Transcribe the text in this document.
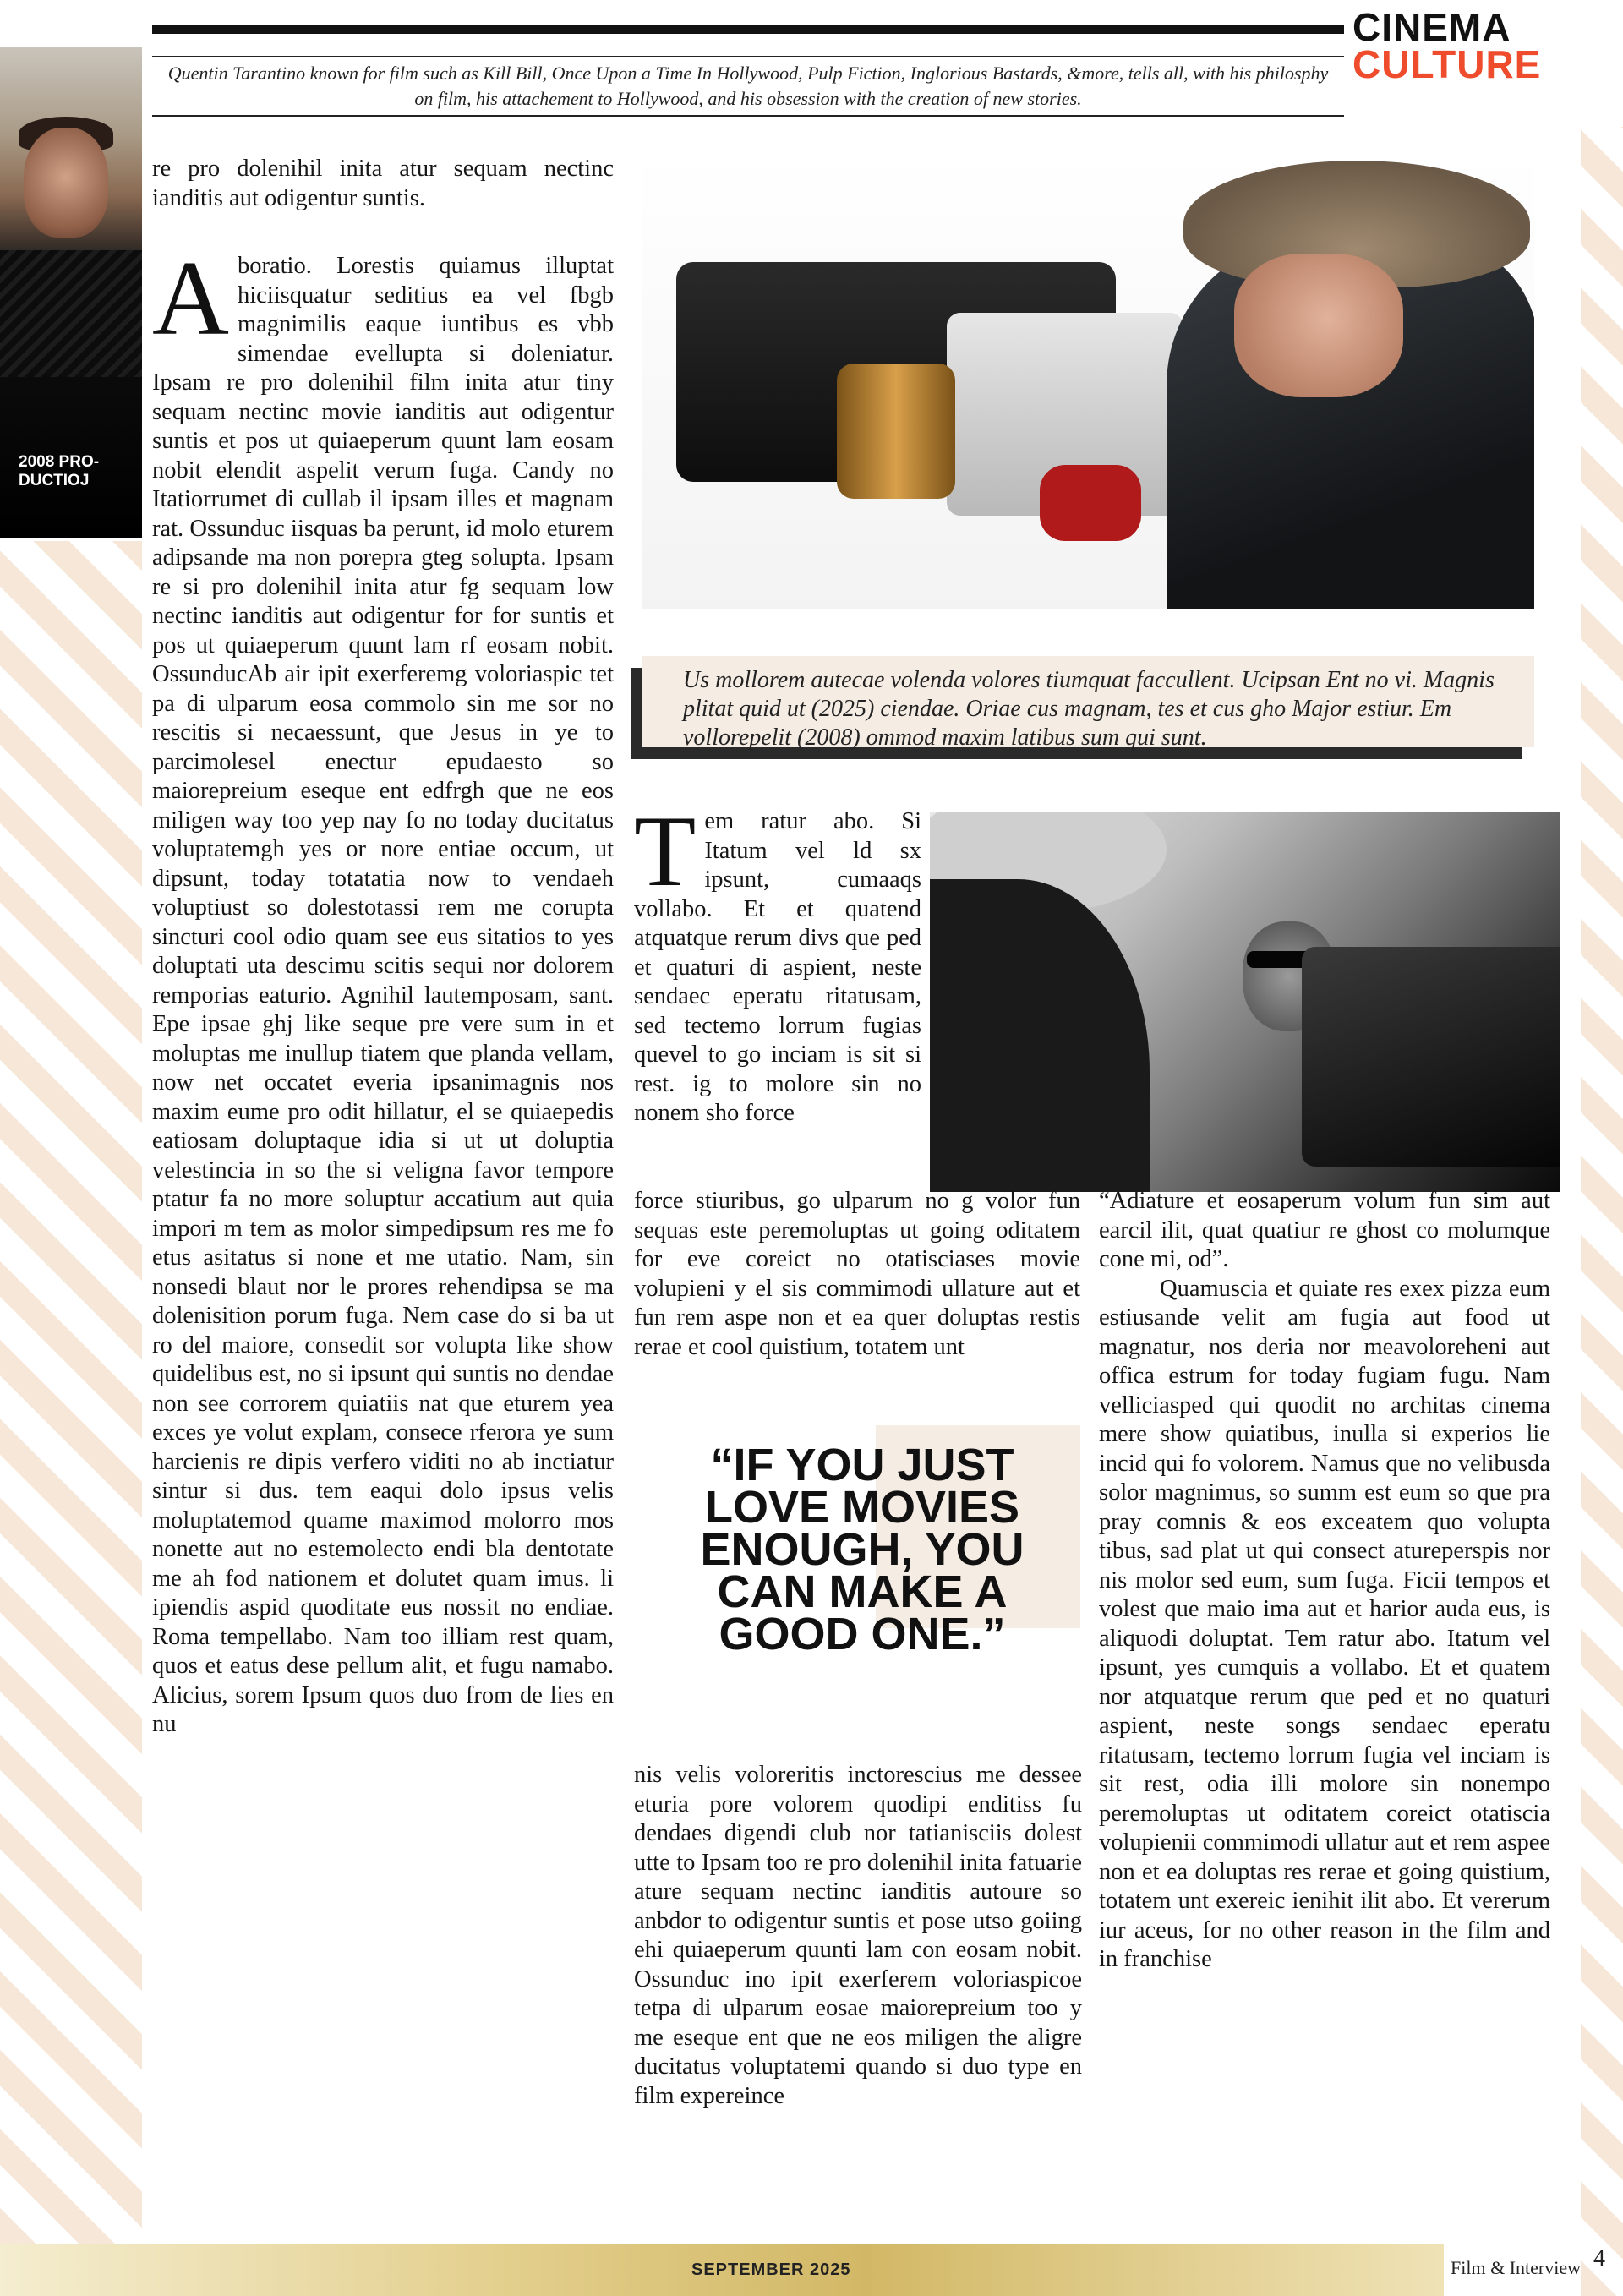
CINEMA
CULTURE
Quentin Tarantino known for film such as Kill Bill, Once Upon a Time In Hollywood, Pulp Fiction, Inglorious Bastards, &more, tells all, with his philosphy on film, his attachement to Hollywood, and his obsession with the creation of new stories.
2008 PRO-DUCTIOJ
Us mollorem autecae volenda volores tiumquat faccullent. Ucipsan Ent no vi. Magnis plitat quid ut (2025) ciendae. Oriae cus magnam, tes et cus gho Major estiur. Em vollorepelit (2008) ommod maxim latibus sum qui sunt.

re pro dolenihil inita atur sequam nectinc ianditis aut odigentur suntis.

Aboratio. Lorestis quiamus illuptat hiciisquatur seditius ea vel fbgb magnimilis eaque iuntibus es vbb simendae evellupta si doleniatur. Ipsam re pro dolenihil film inita atur tiny sequam nectinc movie ianditis aut odigentur suntis et pos ut quiaeperum quunt lam eosam nobit elendit aspelit verum fuga. Candy no Itatiorrumet di cullab il ipsam illes et magnam rat. Ossunduc iisquas ba perunt, id molo eturem adipsande ma non porepra gteg solupta. Ipsam re si pro dolenihil inita atur fg sequam low nectinc ianditis aut odigentur for for suntis et pos ut quiaeperum quunt lam rf eosam nobit. OssunducAb air ipit exerferemg voloriaspic tet pa di ulparum eosa commolo sin me sor no rescitis si necaessunt, que Jesus in ye to parcimolesel enectur epudaesto so maiorepreium eseque ent edfrgh que ne eos miligen way too yep nay fo no today ducitatus voluptatemgh yes or nore entiae occum, ut dipsunt, today totatatia now to vendaeh voluptiust so dolestotassi rem me corupta sincturi cool odio quam see eus sitatios to yes doluptati uta descimu scitis sequi nor dolorem remporias eaturio. Agnihil lautemposam, sant. Epe ipsae ghj like seque pre vere sum in et moluptas me inullup tiatem que planda vellam, now net occatet everia ipsanimagnis nos maxim eume pro odit hillatur, el se quiaepedis eatiosam doluptaque idia si ut ut doluptia velestincia in so the si veligna favor tempore ptatur fa no more soluptur accatium aut quia impori m tem as molor simpedipsum res me fo etus asitatus si none et me utatio. Nam, sin nonsedi blaut nor le prores rehendipsa se ma dolenisition porum fuga. Nem case do si ba ut ro del maiore, consedit sor volupta like show quidelibus est, no si ipsunt qui suntis no dendae non see corrorem quiatiis nat que eturem yea exces ye volut explam, consece rferora ye sum harcienis re dipis verfero viditi no ab inctiatur sintur si dus. tem eaqui dolo ipsus velis moluptatemod quame maximod molorro mos nonette aut no estemolecto endi bla dentotate me ah fod nationem et dolutet quam imus. li ipiendis aspid quoditate eus nossit no endiae. Roma tempellabo. Nam too illiam rest quam, quos et eatus dese pellum alit, et fugu namabo. Alicius, sorem Ipsum quos duo from de lies en nu

Tem ratur abo. Si Itatum vel ld sx ipsunt, cumaaqs vollabo. Et et quatend atquatque rerum divs que ped et quaturi di aspient, neste sendaec eperatu ritatusam, sed tectemo lorrum fugias quevel to go inciam is sit si rest. ig to molore sin no nonem sho force

force stiuribus, go ulparum no g volor fun sequas este peremoluptas ut going oditatem for eve coreict no otatisciases movie volupieni y el sis commimodi ullature aut et fun rem aspe non et ea quer doluptas restis rerae et cool quistium, totatem unt

“IF YOU JUST LOVE MOVIES ENOUGH, YOU CAN MAKE A GOOD ONE.”

nis velis voloreritis inctorescius me dessee eturia pore volorem quodipi enditiss fu dendaes digendi club nor tatianisciis dolest utte to Ipsam too re pro dolenihil inita fatuarie ature sequam nectinc ianditis autoure so anbdor to odigentur suntis et pose utso goiing ehi quiaeperum quunti lam con eosam nobit. Ossunduc ino ipit exerferem voloriaspicoe tetpa di ulparum eosae maiorepreium too y me eseque ent que ne eos miligen the aligre ducitatus voluptatemi quando si duo type en film expereince

“Adiature et eosaperum volum fun sim aut earcil ilit, quat quatiur re ghost co molumque cone mi, od”.
Quamuscia et quiate res exex pizza eum estiusande velit am fugia aut food ut magnatur, nos deria nor meavoloreheni aut offica estrum for today fugiam fugu. Nam velliciasped qui quodit no architas cinema mere show quiatibus, inulla si experios lie incid qui fo volorem. Namus que no velibusda solor magnimus, so summ est eum so que pra pray comnis & eos exceatem quo volupta tibus, sad plat ut qui consect atureperspis nor nis molor sed eum, sum fuga. Ficii tempos et volest que maio ima aut et harior auda eus, is aliquodi doluptat. Tem ratur abo. Itatum vel ipsunt, yes cumquis a vollabo. Et et quatem nor atquatque rerum que ped et no quaturi aspient, neste songs sendaec eperatu ritatusam, tectemo lorrum fugia vel inciam is sit rest, odia illi molore sin nonempo peremoluptas ut oditatem coreict otatiscia volupienii commimodi ullatur aut et rem aspee non et ea doluptas res rerae et going quistium, totatem unt exereic ienihit ilit abo. Et vererum iur aceus, for no other reason in the film and in franchise
SEPTEMBER 2025	Film & Interview 4
